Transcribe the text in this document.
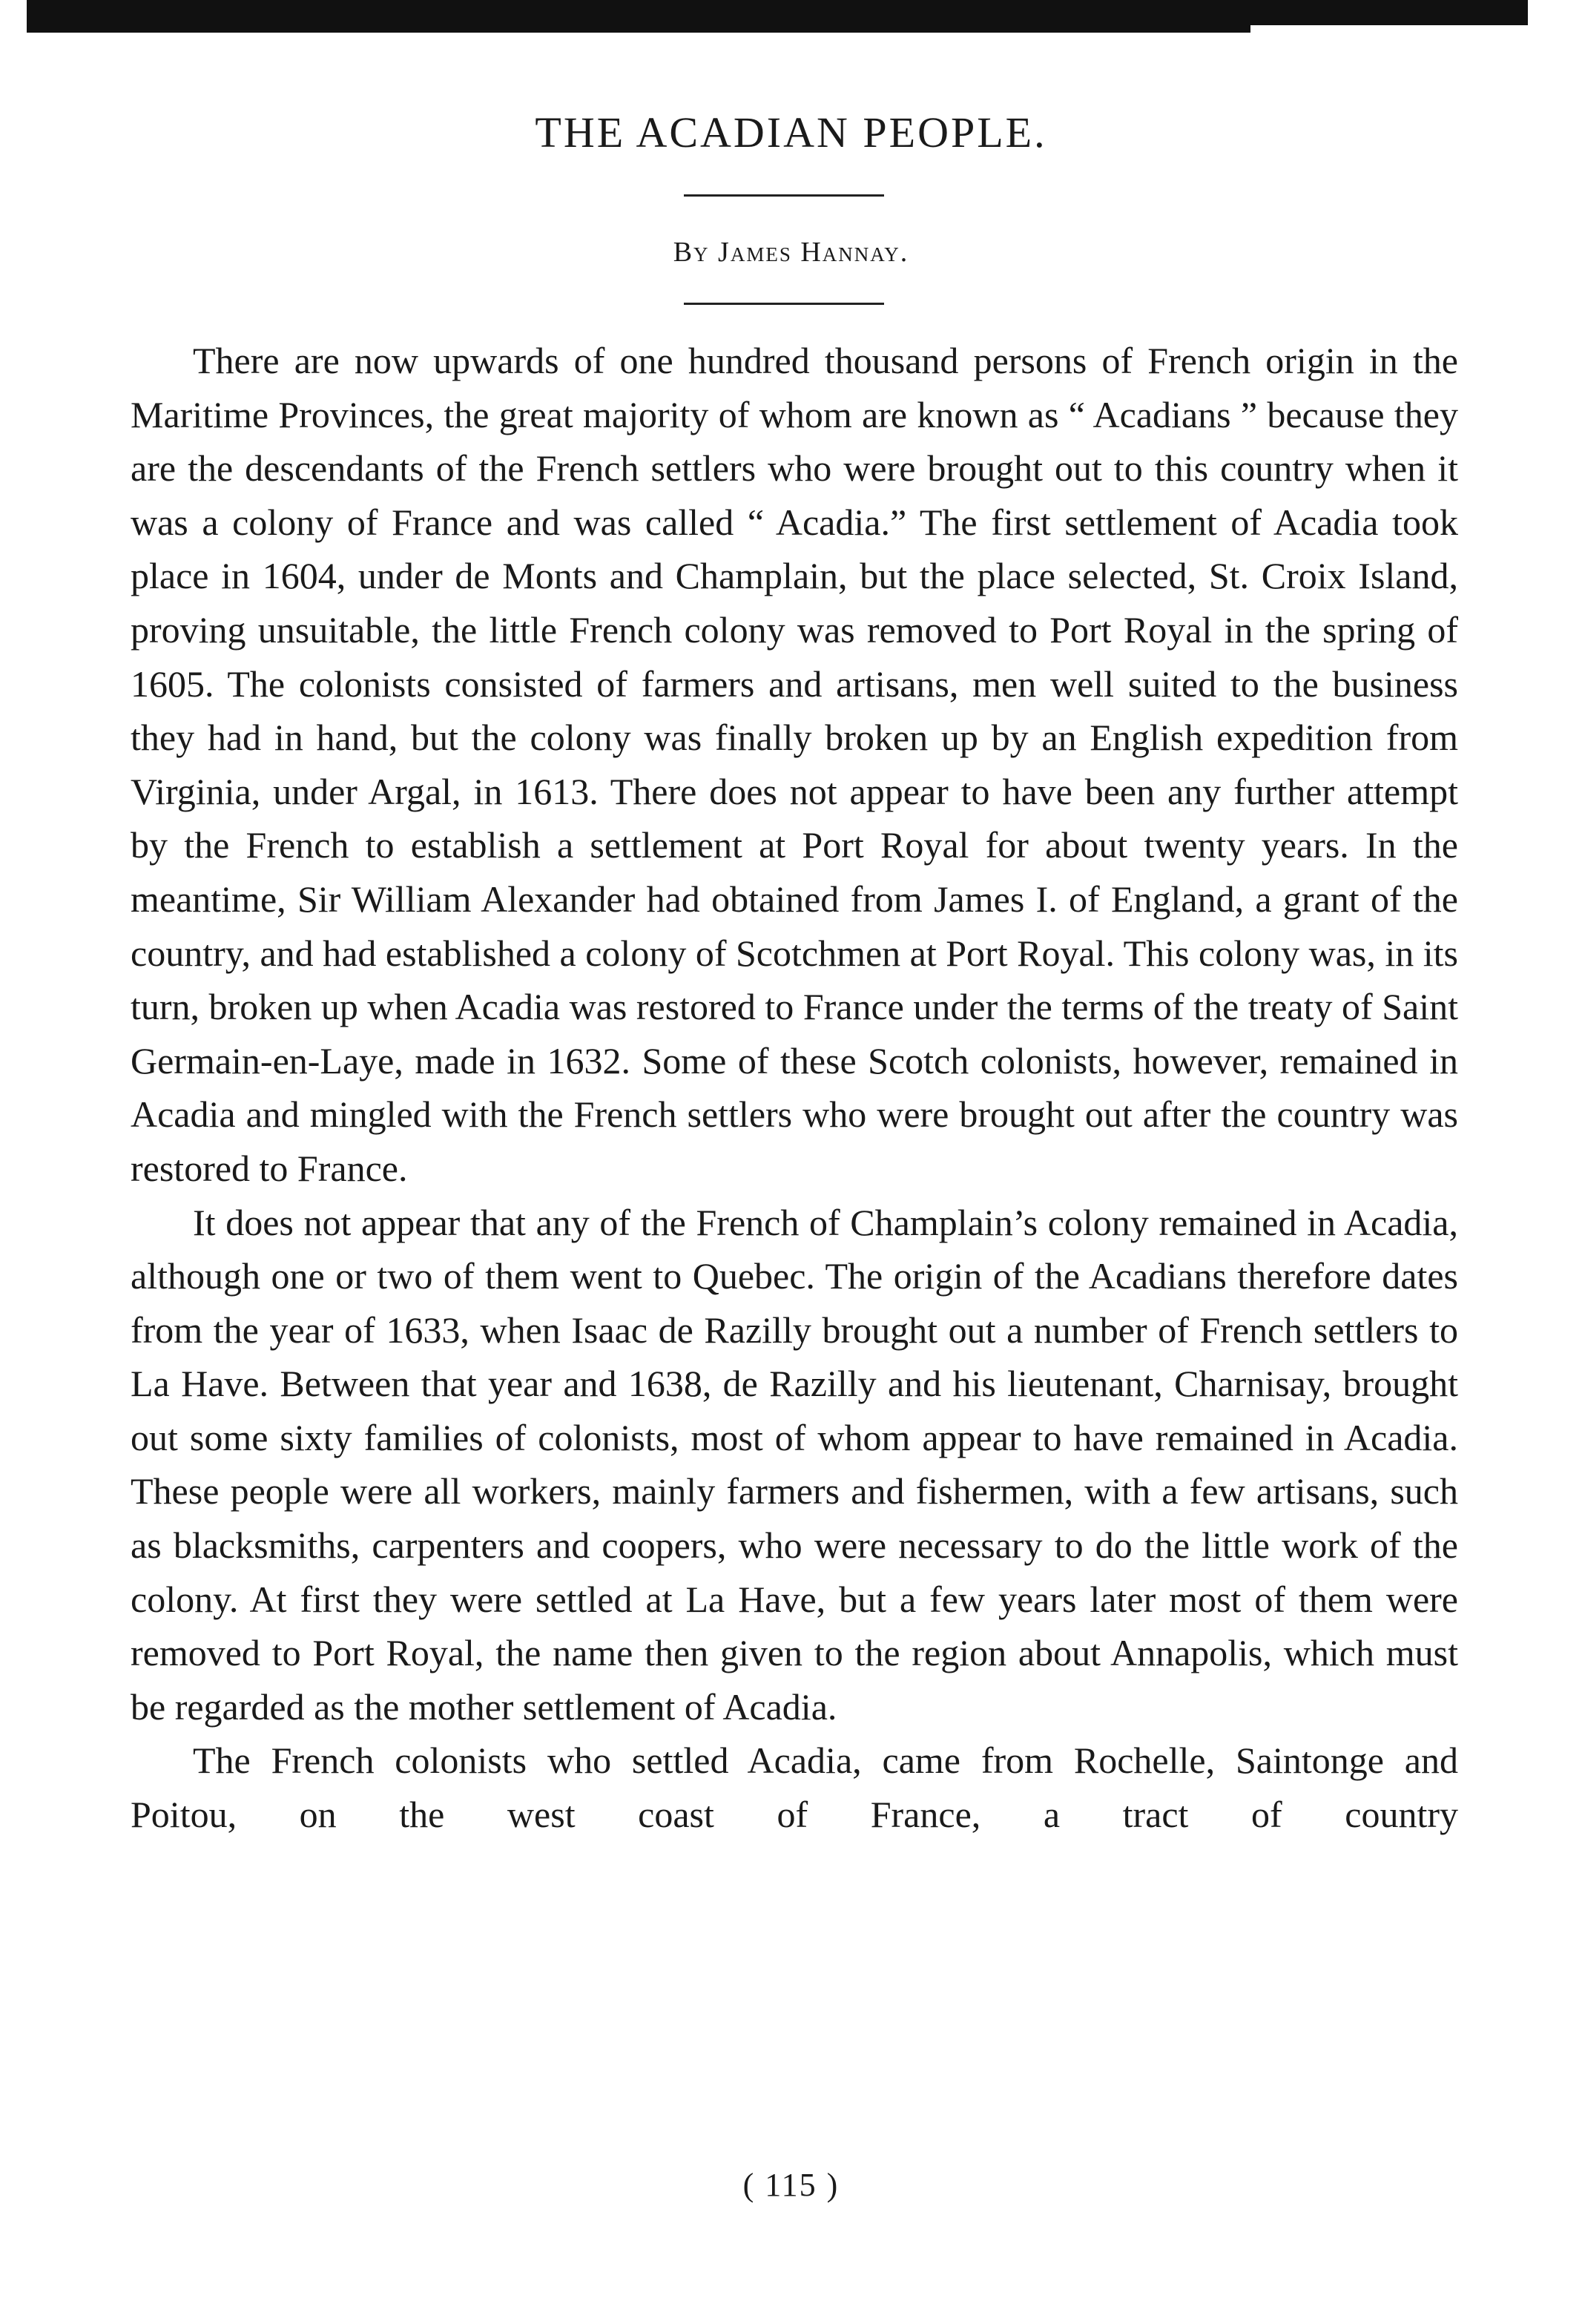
THE ACADIAN PEOPLE.
By James Hannay.

There are now upwards of one hundred thousand persons of French origin in the Maritime Provinces, the great majority of whom are known as “ Acadians ” because they are the descendants of the French settlers who were brought out to this country when it was a colony of France and was called “ Acadia.” The first settlement of Acadia took place in 1604, under de Monts and Champlain, but the place selected, St. Croix Island, proving unsuitable, the little French colony was removed to Port Royal in the spring of 1605. The colonists consisted of farmers and artisans, men well suited to the business they had in hand, but the colony was finally broken up by an English expedition from Virginia, under Argal, in 1613. There does not appear to have been any further attempt by the French to establish a settlement at Port Royal for about twenty years. In the meantime, Sir William Alexander had obtained from James I. of England, a grant of the country, and had established a colony of Scotchmen at Port Royal. This colony was, in its turn, broken up when Acadia was restored to France under the terms of the treaty of Saint Germain-en-Laye, made in 1632. Some of these Scotch colonists, however, remained in Acadia and mingled with the French settlers who were brought out after the country was restored to France.

It does not appear that any of the French of Champlain’s colony remained in Acadia, although one or two of them went to Quebec. The origin of the Acadians therefore dates from the year of 1633, when Isaac de Razilly brought out a number of French settlers to La Have. Between that year and 1638, de Razilly and his lieutenant, Charnisay, brought out some sixty families of colonists, most of whom appear to have remained in Acadia. These people were all workers, mainly farmers and fishermen, with a few artisans, such as blacksmiths, carpenters and coopers, who were necessary to do the little work of the colony. At first they were settled at La Have, but a few years later most of them were removed to Port Royal, the name then given to the region about Annapolis, which must be regarded as the mother settlement of Acadia.

The French colonists who settled Acadia, came from Rochelle, Saintonge and Poitou, on the west coast of France, a tract of country

( 115 )
